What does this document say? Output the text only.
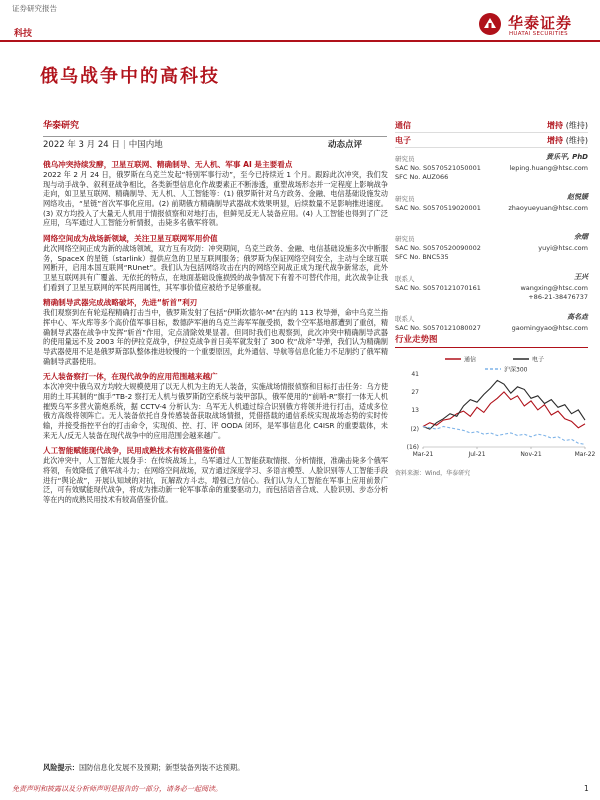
证券研究报告
科技
华泰证券
HUATAI SECURITIES
俄乌战争中的高科技
华泰研究
2022 年 3 月 24 日 | 中国内地	动态点评
俄乌冲突持续发酵，卫星互联网、精确制导、无人机、军事 AI 是主要看点

2022 年 2 月 24 日，俄罗斯在乌克兰发起“特别军事行动”，至今已持续近 1 个月。跟踪此次冲突，我们发现与动手战争、叙利亚战争相比，各类新型信息化作战要素正不断渗透，重塑战场形态并一定程度上影响战争走向，如卫星互联网、精确制导、无人机、人工智能等：(1) 俄罗斯针对乌方政务、金融、电信基础设施发动网络攻击，“星链”首次军事化应用。(2) 前期俄方精确制导武器战术效果明显，后续数量不足影响推进速度。(3) 双方均投入了大量无人机用于情报侦察和对地打击，但鲜见反无人装备应用。(4) 人工智能也得到了广泛应用，乌军通过人工智能分析情报，击毙多名俄军将领。

网络空间成为战场新领域，关注卫星互联网军用价值

此次网络空间正成为新的战场领域，双方互有攻防：冲突期间，乌克兰政务、金融、电信基础设施多次中断服务，SpaceX 的星链（starlink）提供应急的卫星互联网服务；俄罗斯为保证网络空间安全，主动与全球互联网断开，启用本国互联网“RUnet”。我们认为包括网络攻击在内的网络空间战正成为现代战争新常态，此外卫星互联网具有广覆盖、无依托的特点，在地面基础设施损毁的战争情况下有着不可替代作用，此次战争让我们看到了卫星互联网的军民两用属性，其军事价值应被给予足够重视。

精确制导武器完成战略破坏，先进“斩首”利刃

我们观察到在有轮巡程精确打击当中，俄罗斯发射了包括“伊斯坎德尔-M”在内的 113 枚导弹，命中乌克兰指挥中心、军火库等多个高价值军事目标，数德萨军港的乌克兰海军军舰受损，数个空军基地都遭到了重创，精确制导武器在战争中发挥“斩首”作用，定点清除效果显著。但同时我们也观察到，此次冲突中精确制导武器的使用量远不及 2003 年的伊拉克战争，伊拉克战争首日美军就发射了 300 枚“战斧”导弹，我们认为精确制导武器使用不足是俄罗斯部队整体推进较慢的一个重要原因，此外通信、导航等信息化能力不足制约了俄军精确制导武器使用。

无人装备察打一体，在现代战争的应用范围越来越广

本次冲突中俄乌双方均较大规模使用了以无人机为主的无人装备，实施战场情报侦察和目标打击任务：乌方使用的土耳其制的“旗手”TB-2 察打无人机与俄罗斯防空系统与装甲部队，俄军使用的“前哨-R”察打一体无人机摧毁乌军多营火箭炮系统，据 CCTV-4 分析认为：乌军无人机通过综合识别俄方将领并进行打击，适成多位俄方高级将领阵亡。无人装备依托自身传感装备获取战场情报，凭借搭载的通信系统实现战场态势的实时传输，并接受指控平台的打击命令，实现侦、控、打、评 OODA 闭环，是军事信息化 C4ISR 的重要载体，未来无人/反无人装备在现代战争中的应用范围会越来越广。

人工智能赋能现代战争，民用成熟技术有较高借鉴价值

此次冲突中，人工智能大展身手：在传统战场上，乌军通过人工智能获取情报、分析情报，准确击毙多个俄军将领，有效降低了俄军战斗力；在网络空间战场，双方通过深度学习、多语言模型、人脸识别等人工智能手段进行“舆论战”，开展认知域的对抗，瓦解敌方斗志，增强己方信心。我们认为人工智能在军事上应用前景广泛，可有效赋能现代战争，将成为推动新一轮军事革命的重要驱动力，而包括语音合成、人脸识别、步态分析等在内的成熟民用技术有较高借鉴价值。

风险提示：国防信息化发展不及预期；新型装备列装不达预期。
通信	增持 (维持)
电子	增持 (维持)
研究员	黄乐平, PhD
SAC No. S0570521050001	leping.huang@htsc.com
SFC No. AUZ066
研究员	赵悦媛
SAC No. S0570519020001	zhaoyueyuan@htsc.com
研究员	余熠
SAC No. S0570520090002	yuyi@htsc.com
SFC No. BNC535
联系人	王兴
SAC No. S0570121070161	wangxing@htsc.com
+86-21-38476737
联系人	高名垚
SAC No. S0570121080027	gaomingyao@htsc.com
行业走势图
通信	电子
沪深300
41
27
13
(2)
(16)
Mar-21	Jul-21	Nov-21	Mar-22
资料来源：Wind，华泰研究
免责声明和披露以及分析师声明是报告的一部分，请务必一起阅读。	1
